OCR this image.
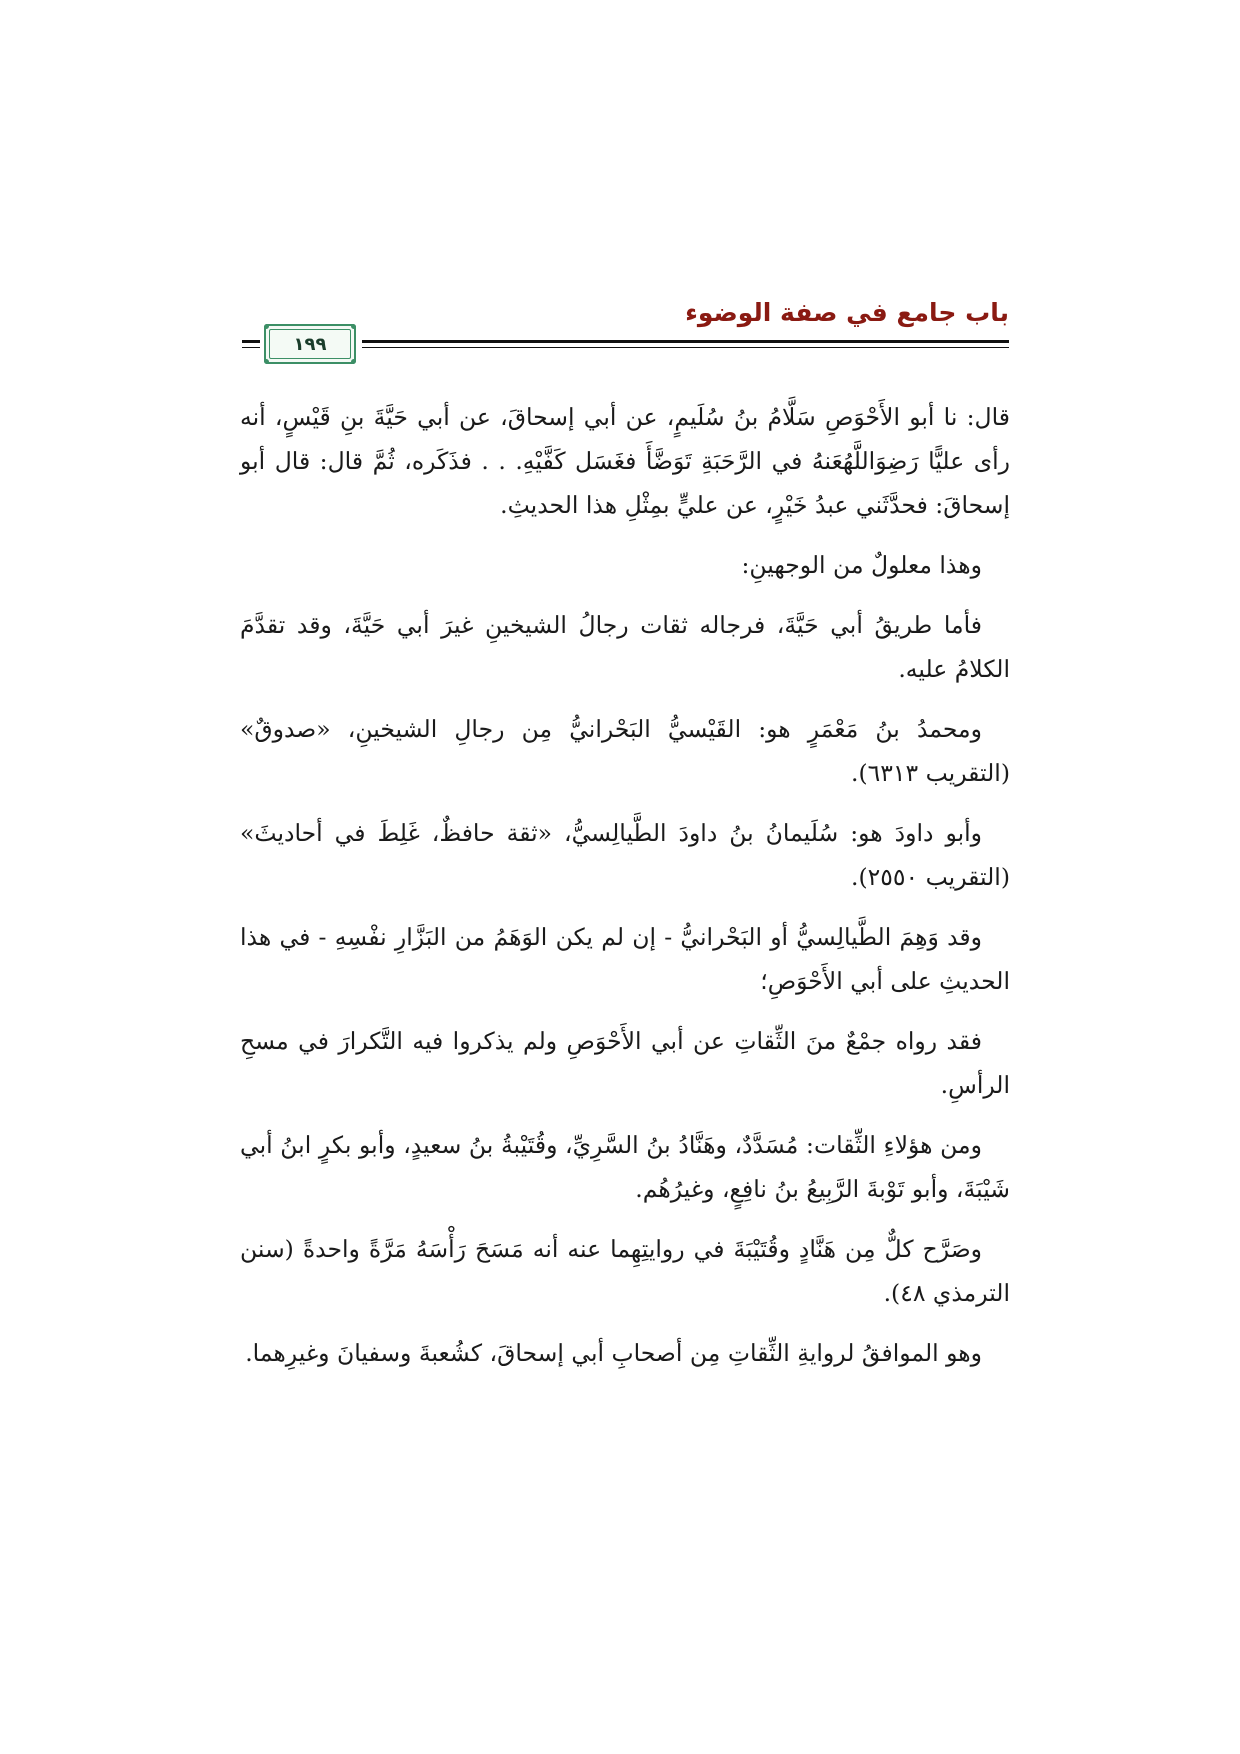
باب جامع في صفة الوضوء
١٩٩

قال: نا أبو الأَحْوَصِ سَلَّامُ بنُ سُلَيمٍ، عن أبي إسحاقَ، عن أبي حَيَّةَ بنِ قَيْسٍ، أنه رأى عليًّا رَضِوَاللَّهُعَنهُ في الرَّحَبَةِ تَوَضَّأَ فغَسَل كَفَّيْهِ. . . فذَكَره، ثُمَّ قال: قال أبو إسحاقَ: فحدَّثَني عبدُ خَيْرٍ، عن عليٍّ بمِثْلِ هذا الحديثِ.

وهذا معلولٌ من الوجهينِ:

فأما طريقُ أبي حَيَّةَ، فرجاله ثقات رجالُ الشيخينِ غيرَ أبي حَيَّةَ، وقد تقدَّمَ الكلامُ عليه.

ومحمدُ بنُ مَعْمَرٍ هو: القَيْسيُّ البَحْرانيُّ مِن رجالِ الشيخينِ، «صدوقٌ» (التقريب ٦٣١٣).

وأبو داودَ هو: سُلَيمانُ بنُ داودَ الطَّيالِسيُّ، «ثقة حافظٌ، غَلِطَ في أحاديثَ» (التقريب ٢٥٥٠).

وقد وَهِمَ الطَّيالِسيُّ أو البَحْرانيُّ - إن لم يكن الوَهَمُ من البَزَّارِ نفْسِهِ - في هذا الحديثِ على أبي الأَحْوَصِ؛

فقد رواه جمْعٌ منَ الثِّقاتِ عن أبي الأَحْوَصِ ولم يذكروا فيه التَّكرارَ في مسحِ الرأسِ.

ومن هؤلاءِ الثِّقات: مُسَدَّدٌ، وهَنَّادُ بنُ السَّرِيِّ، وقُتَيْبةُ بنُ سعيدٍ، وأبو بكرٍ ابنُ أبي شَيْبَةَ، وأبو تَوْبةَ الرَّبِيعُ بنُ نافِعٍ، وغيرُهُم.

وصَرَّح كلٌّ مِن هَنَّادٍ وقُتَيْبَةَ في روايتِهِما عنه أنه مَسَحَ رَأْسَهُ مَرَّةً واحدةً (سنن الترمذي ٤٨).

وهو الموافقُ لروايةِ الثِّقاتِ مِن أصحابِ أبي إسحاقَ، كشُعبةَ وسفيانَ وغيرِهما.
